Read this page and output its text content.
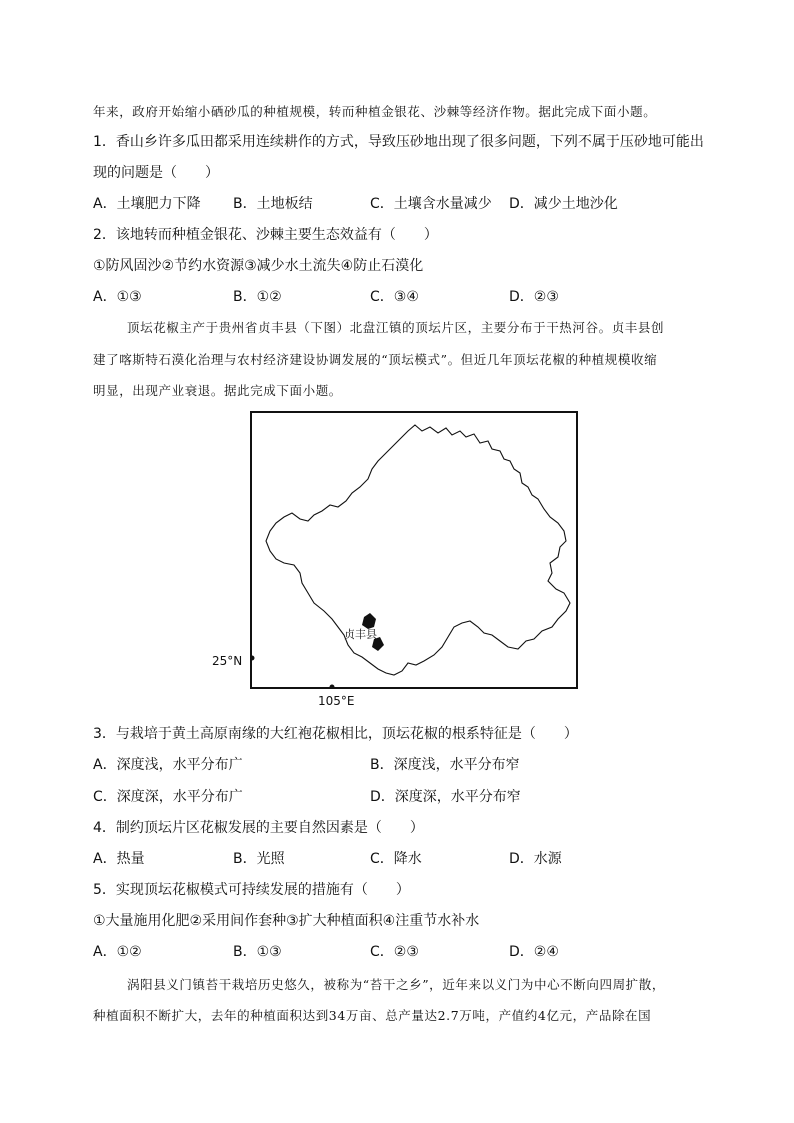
年来，政府开始缩小硒砂瓜的种植规模，转而种植金银花、沙棘等经济作物。据此完成下面小题。
1．香山乡许多瓜田都采用连续耕作的方式，导致压砂地出现了很多问题，下列不属于压砂地可能出
现的问题是（　　）
A．土壤肥力下降 B．土地板结	C．土壤含水量减少 D．减少土地沙化
2．该地转而种植金银花、沙棘主要生态效益有（　　）
①防风固沙②节约水资源③减少水土流失④防止石漠化
A．①③	B．①②	C．③④	D．②③
顶坛花椒主产于贵州省贞丰县（下图）北盘江镇的顶坛片区，主要分布于干热河谷。贞丰县创
建了喀斯特石漠化治理与农村经济建设协调发展的“顶坛模式”。但近几年顶坛花椒的种植规模收缩
明显，出现产业衰退。据此完成下面小题。
贞丰县
25°N
105°E
3．与栽培于黄土高原南缘的大红袍花椒相比，顶坛花椒的根系特征是（　　）
A．深度浅，水平分布广	B．深度浅，水平分布窄
C．深度深，水平分布广	D．深度深，水平分布窄
4．制约顶坛片区花椒发展的主要自然因素是（　　）
A．热量	B．光照	C．降水	D．水源
5．实现顶坛花椒模式可持续发展的措施有（　　）
①大量施用化肥②采用间作套种③扩大种植面积④注重节水补水
A．①②	B．①③	C．②③	D．②④
涡阳县义门镇苔干栽培历史悠久，被称为“苔干之乡”，近年来以义门为中心不断向四周扩散，
种植面积不断扩大，去年的种植面积达到34万亩、总产量达2.7万吨，产值约4亿元，产品除在国
